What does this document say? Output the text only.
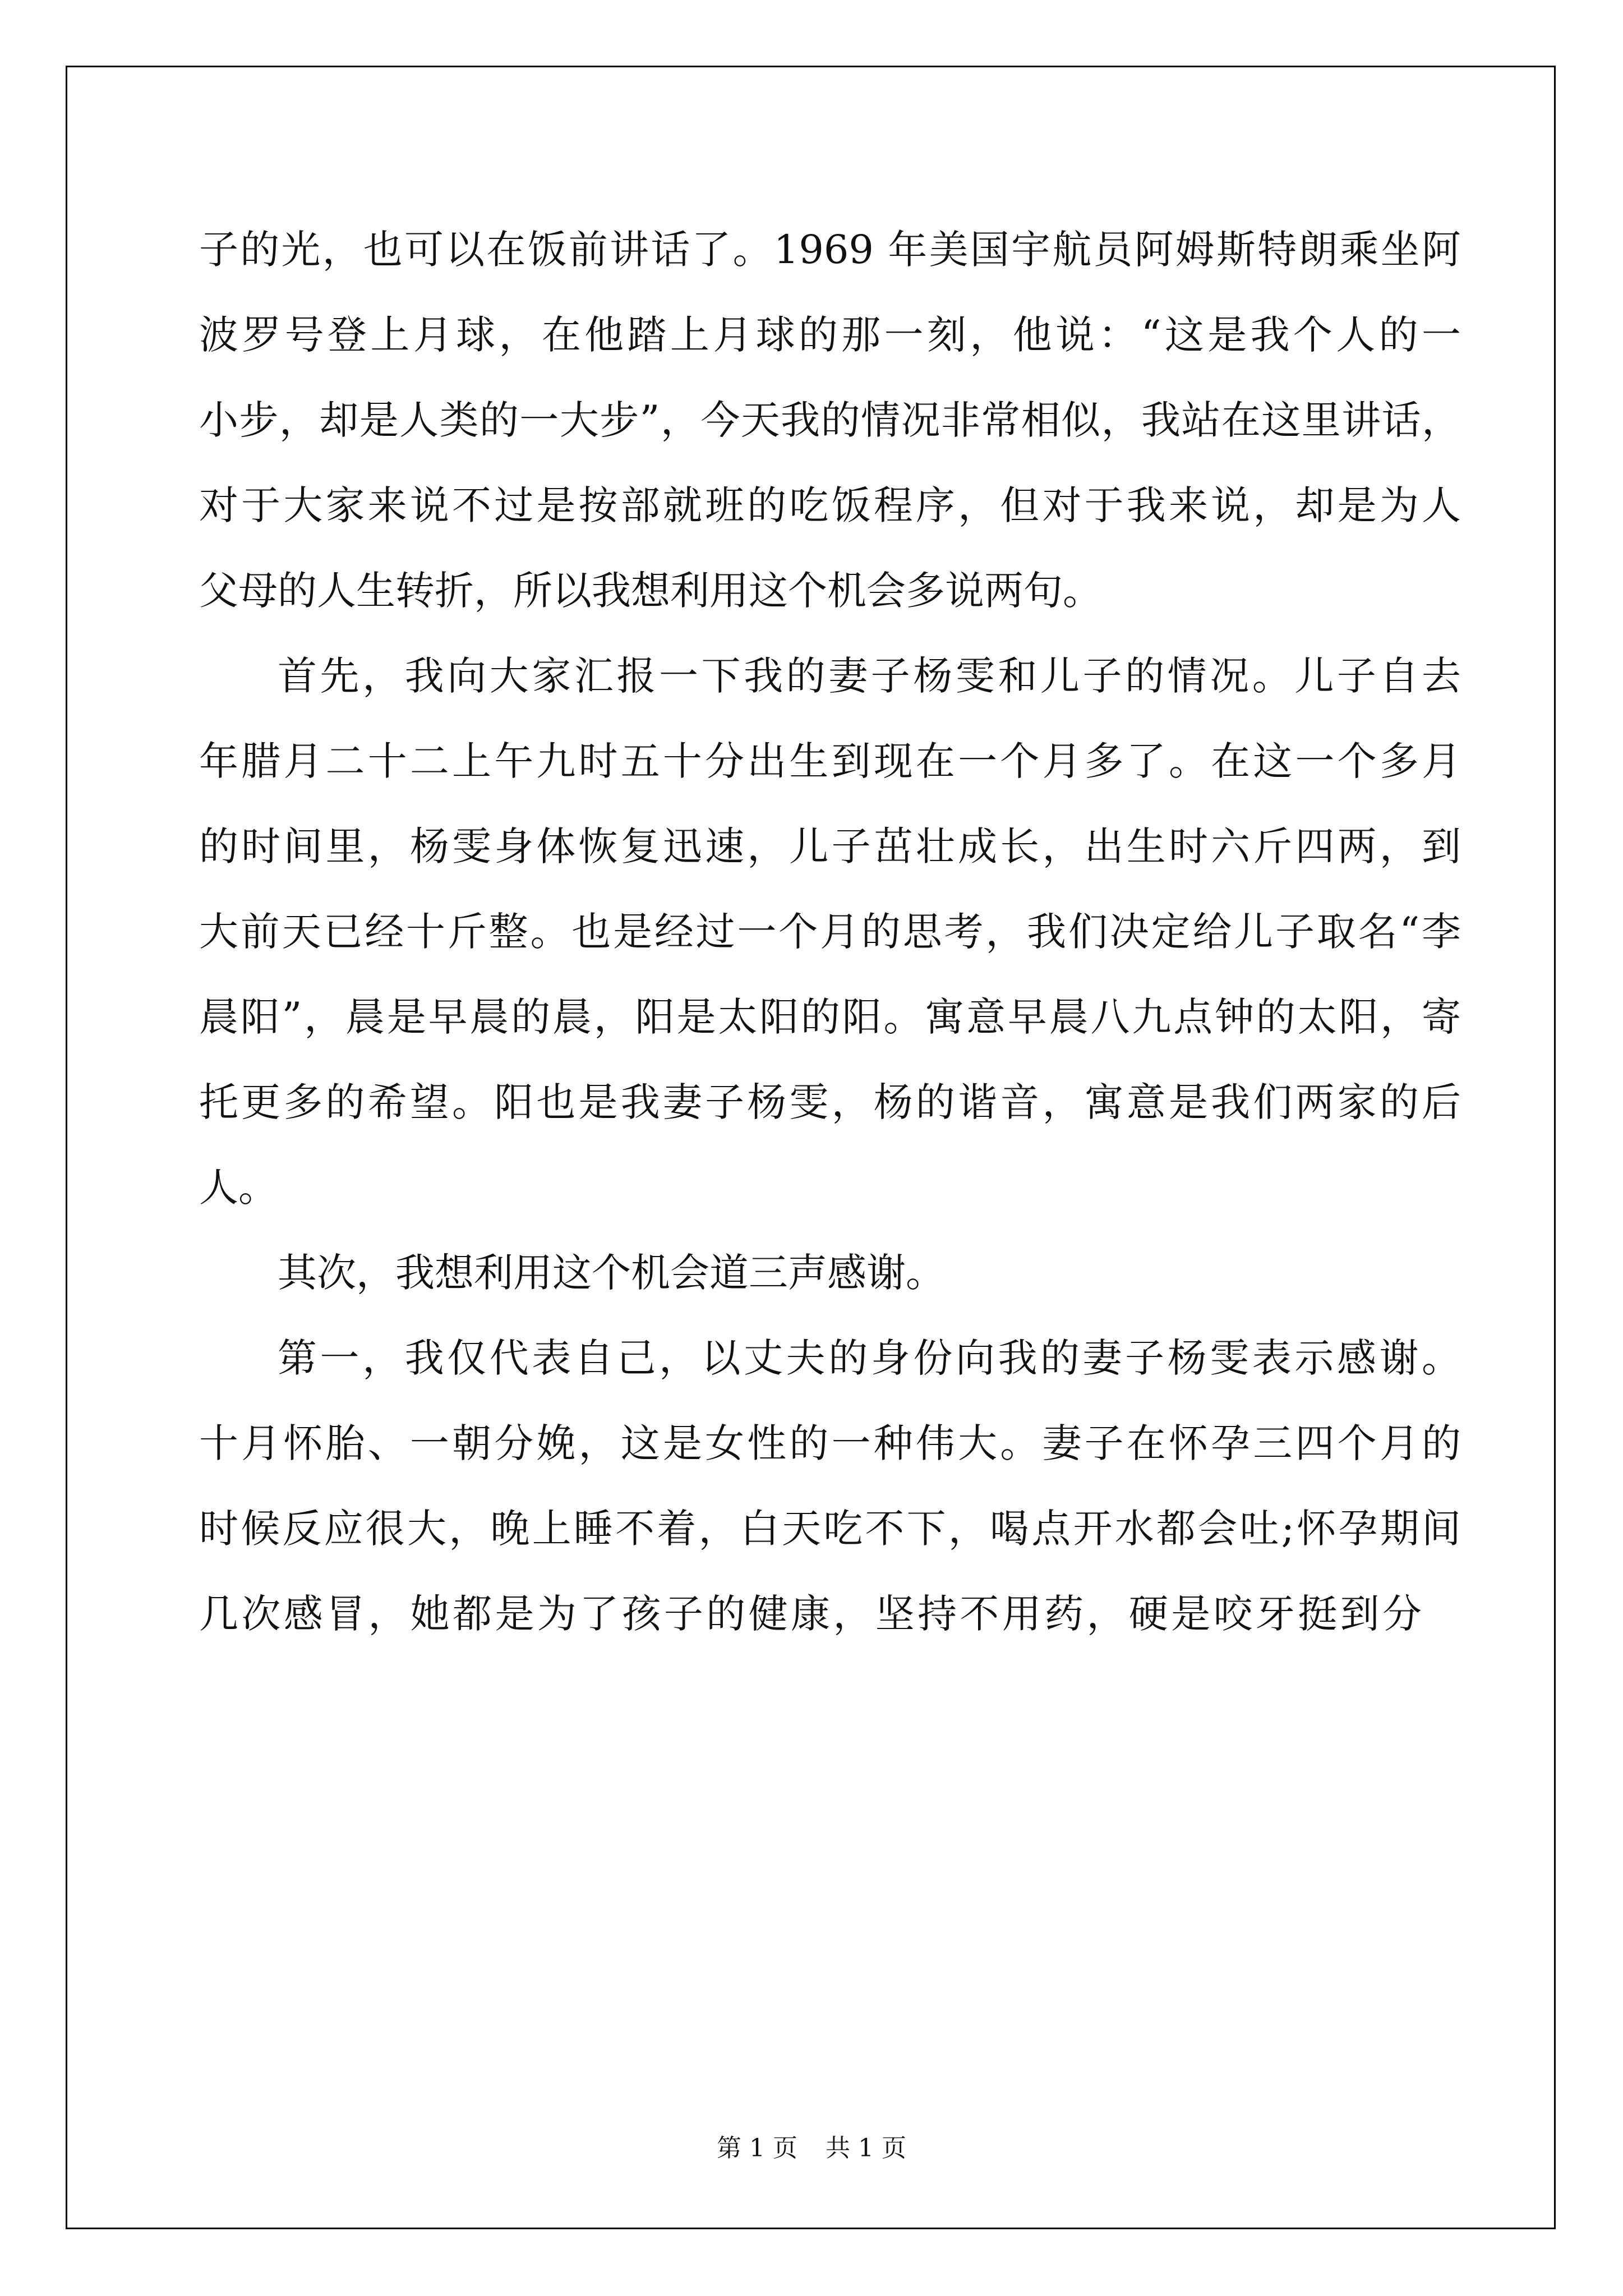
子的光，也可以在饭前讲话了。1969 年美国宇航员阿姆斯特朗乘坐阿
波罗号登上月球，在他踏上月球的那一刻，他说：“这是我个人的一
小步，却是人类的一大步”，今天我的情况非常相似，我站在这里讲话，
对于大家来说不过是按部就班的吃饭程序，但对于我来说，却是为人
父母的人生转折，所以我想利用这个机会多说两句。
首先，我向大家汇报一下我的妻子杨雯和儿子的情况。儿子自去
年腊月二十二上午九时五十分出生到现在一个月多了。在这一个多月
的时间里，杨雯身体恢复迅速，儿子茁壮成长，出生时六斤四两，到
大前天已经十斤整。也是经过一个月的思考，我们决定给儿子取名“李
晨阳”，晨是早晨的晨，阳是太阳的阳。寓意早晨八九点钟的太阳，寄
托更多的希望。阳也是我妻子杨雯，杨的谐音，寓意是我们两家的后
人。
其次，我想利用这个机会道三声感谢。
第一，我仅代表自己，以丈夫的身份向我的妻子杨雯表示感谢。
十月怀胎、一朝分娩，这是女性的一种伟大。妻子在怀孕三四个月的
时候反应很大，晚上睡不着，白天吃不下，喝点开水都会吐;怀孕期间
几次感冒，她都是为了孩子的健康，坚持不用药，硬是咬牙挺到分
第 1 页 共 1 页
